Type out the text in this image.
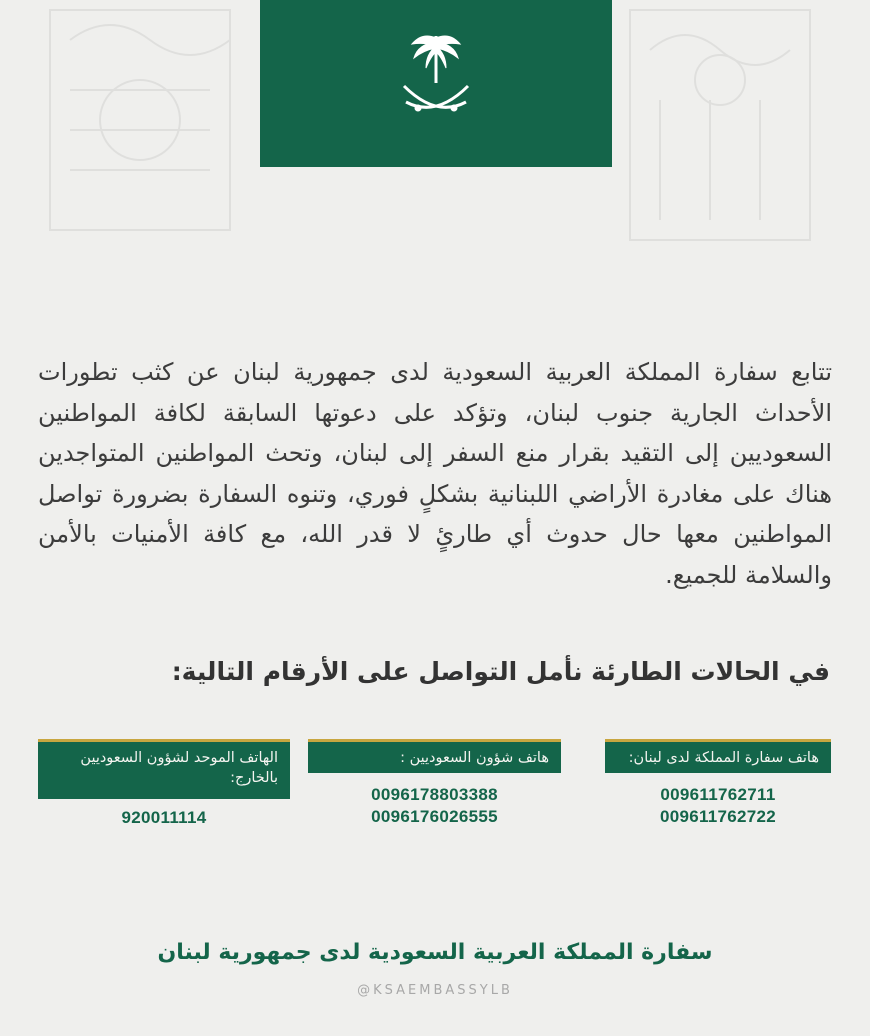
تتابع سفارة المملكة العربية السعودية لدى جمهورية لبنان عن كثب تطورات الأحداث الجارية جنوب لبنان، وتؤكد على دعوتها السابقة لكافة المواطنين السعوديين إلى التقيد بقرار منع السفر إلى لبنان، وتحث المواطنين المتواجدين هناك على مغادرة الأراضي اللبنانية بشكلٍ فوري، وتنوه السفارة بضرورة تواصل المواطنين معها حال حدوث أي طارئٍ لا قدر الله، مع كافة الأمنيات بالأمن والسلامة للجميع.

في الحالات الطارئة نأمل التواصل على الأرقام التالية:

هاتف سفارة المملكة لدى لبنان:
009611762711
009611762722
هاتف شؤون السعوديين :
0096178803388
0096176026555
الهاتف الموحد لشؤون السعوديين بالخارج:
920011114
سفارة المملكة العربية السعودية لدى جمهورية لبنان
@KSAEMBASSYLB
